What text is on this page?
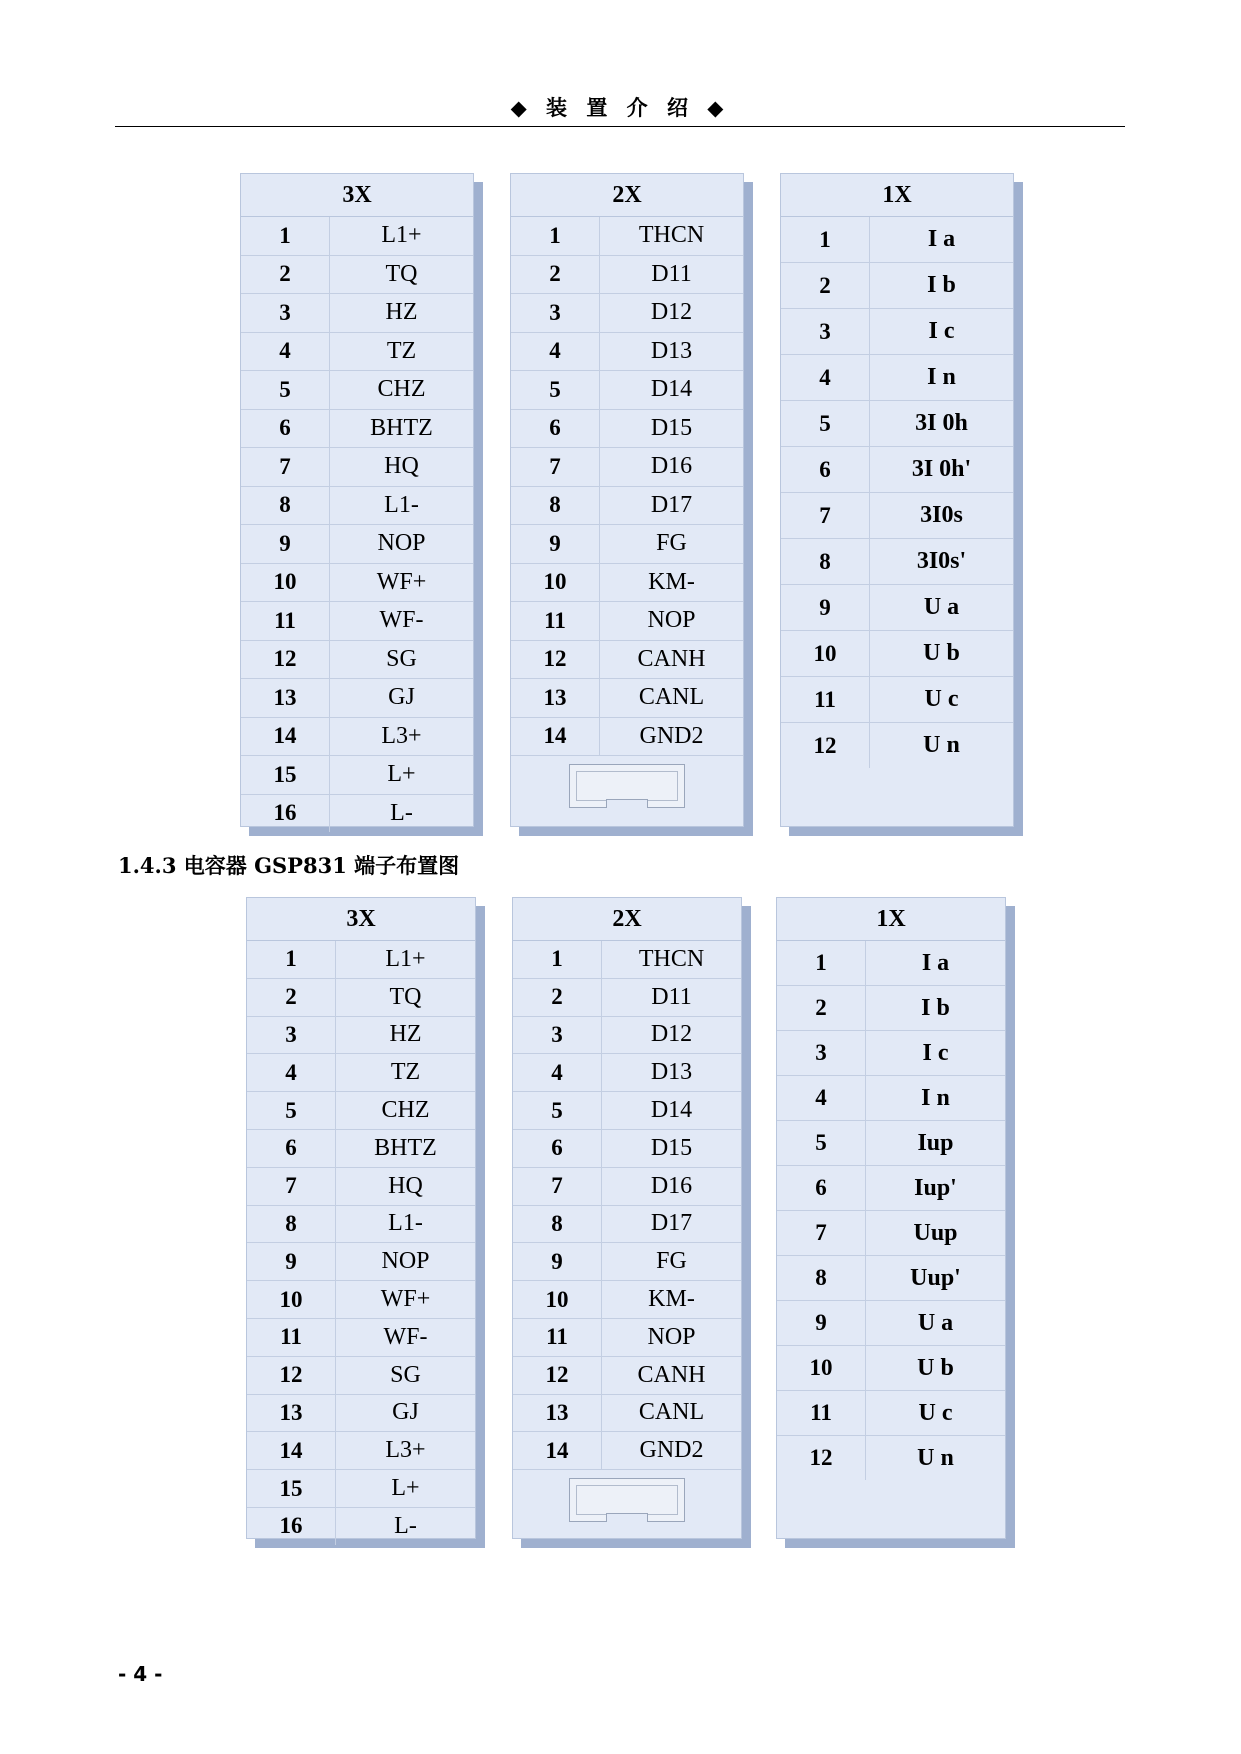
◆ 装 置 介 绍 ◆
3X
1	L1+
2	TQ
3	HZ
4	TZ
5	CHZ
6	BHTZ
7	HQ
8	L1-
9	NOP
10	WF+
11	WF-
12	SG
13	GJ
14	L3+
15	L+
16	L-
2X
1	THCN
2	D11
3	D12
4	D13
5	D14
6	D15
7	D16
8	D17
9	FG
10	KM-
11	NOP
12	CANH
13	CANL
14	GND2
1X
1	I a
2	I b
3	I c
4	I n
5	3I 0h
6	3I 0h'
7	3I0s
8	3I0s'
9	U a
10	U b
11	U c
12	U n
1.4.3 电容器 GSP831 端子布置图
3X
1	L1+
2	TQ
3	HZ
4	TZ
5	CHZ
6	BHTZ
7	HQ
8	L1-
9	NOP
10	WF+
11	WF-
12	SG
13	GJ
14	L3+
15	L+
16	L-
2X
1	THCN
2	D11
3	D12
4	D13
5	D14
6	D15
7	D16
8	D17
9	FG
10	KM-
11	NOP
12	CANH
13	CANL
14	GND2
1X
1	I a
2	I b
3	I c
4	I n
5	Iup
6	Iup'
7	Uup
8	Uup'
9	U a
10	U b
11	U c
12	U n
- 4 -
